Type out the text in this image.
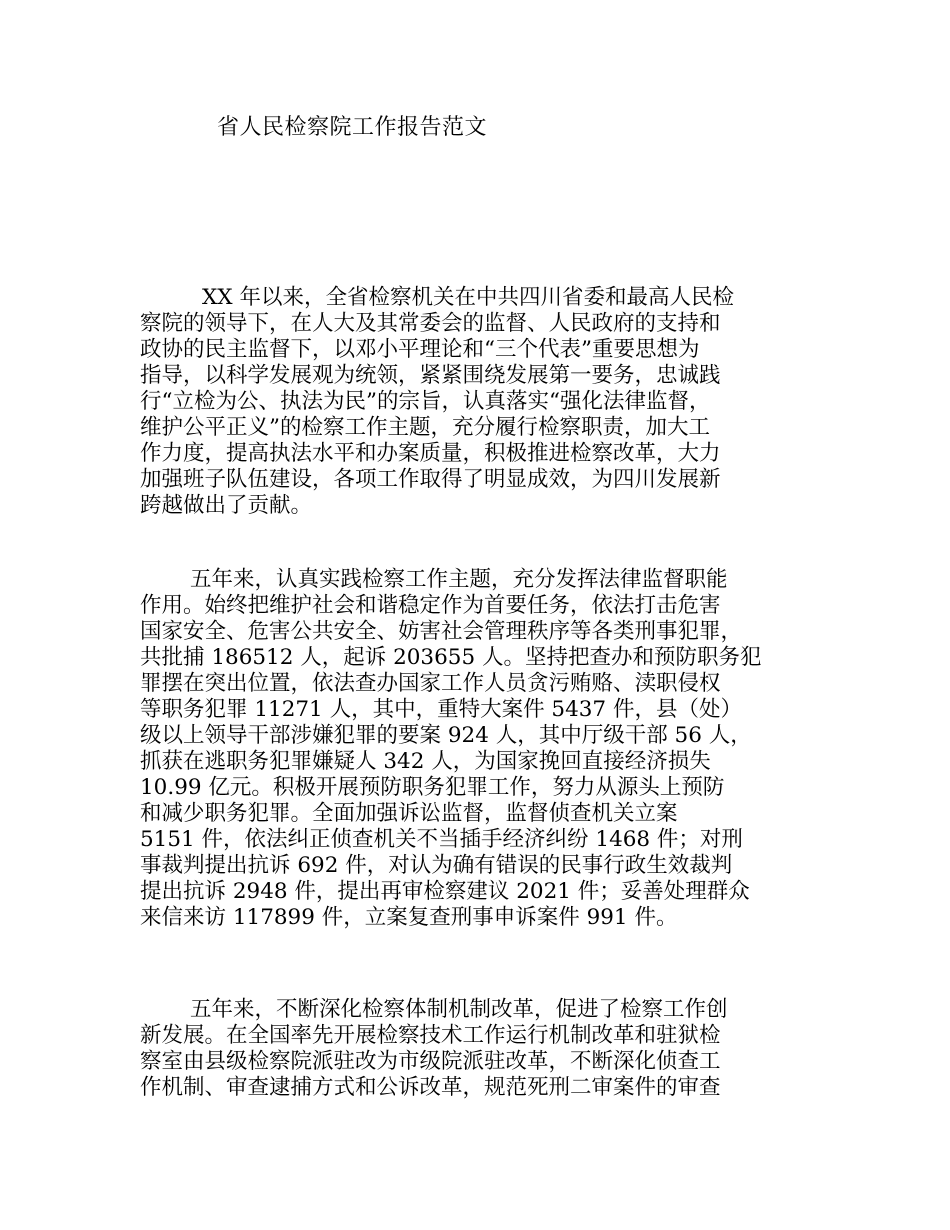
省人民检察院工作报告范文
XX 年以来，全省检察机关在中共四川省委和最高人民检
察院的领导下，在人大及其常委会的监督、人民政府的支持和
政协的民主监督下，以邓小平理论和“三个代表”重要思想为
指导，以科学发展观为统领，紧紧围绕发展第一要务，忠诚践
行“立检为公、执法为民”的宗旨，认真落实“强化法律监督，
维护公平正义”的检察工作主题，充分履行检察职责，加大工
作力度，提高执法水平和办案质量，积极推进检察改革，大力
加强班子队伍建设，各项工作取得了明显成效，为四川发展新
跨越做出了贡献。
五年来，认真实践检察工作主题，充分发挥法律监督职能
作用。始终把维护社会和谐稳定作为首要任务，依法打击危害
国家安全、危害公共安全、妨害社会管理秩序等各类刑事犯罪，
共批捕 186512 人，起诉 203655 人。坚持把查办和预防职务犯
罪摆在突出位置，依法查办国家工作人员贪污贿赂、渎职侵权
等职务犯罪 11271 人，其中，重特大案件 5437 件，县（处）
级以上领导干部涉嫌犯罪的要案 924 人，其中厅级干部 56 人，
抓获在逃职务犯罪嫌疑人 342 人，为国家挽回直接经济损失
10.99 亿元。积极开展预防职务犯罪工作，努力从源头上预防
和减少职务犯罪。全面加强诉讼监督，监督侦查机关立案
5151 件，依法纠正侦查机关不当插手经济纠纷 1468 件；对刑
事裁判提出抗诉 692 件，对认为确有错误的民事行政生效裁判
提出抗诉 2948 件，提出再审检察建议 2021 件；妥善处理群众
来信来访 117899 件，立案复查刑事申诉案件 991 件。
五年来，不断深化检察体制机制改革，促进了检察工作创
新发展。在全国率先开展检察技术工作运行机制改革和驻狱检
察室由县级检察院派驻改为市级院派驻改革，不断深化侦查工
作机制、审查逮捕方式和公诉改革，规范死刑二审案件的审查
